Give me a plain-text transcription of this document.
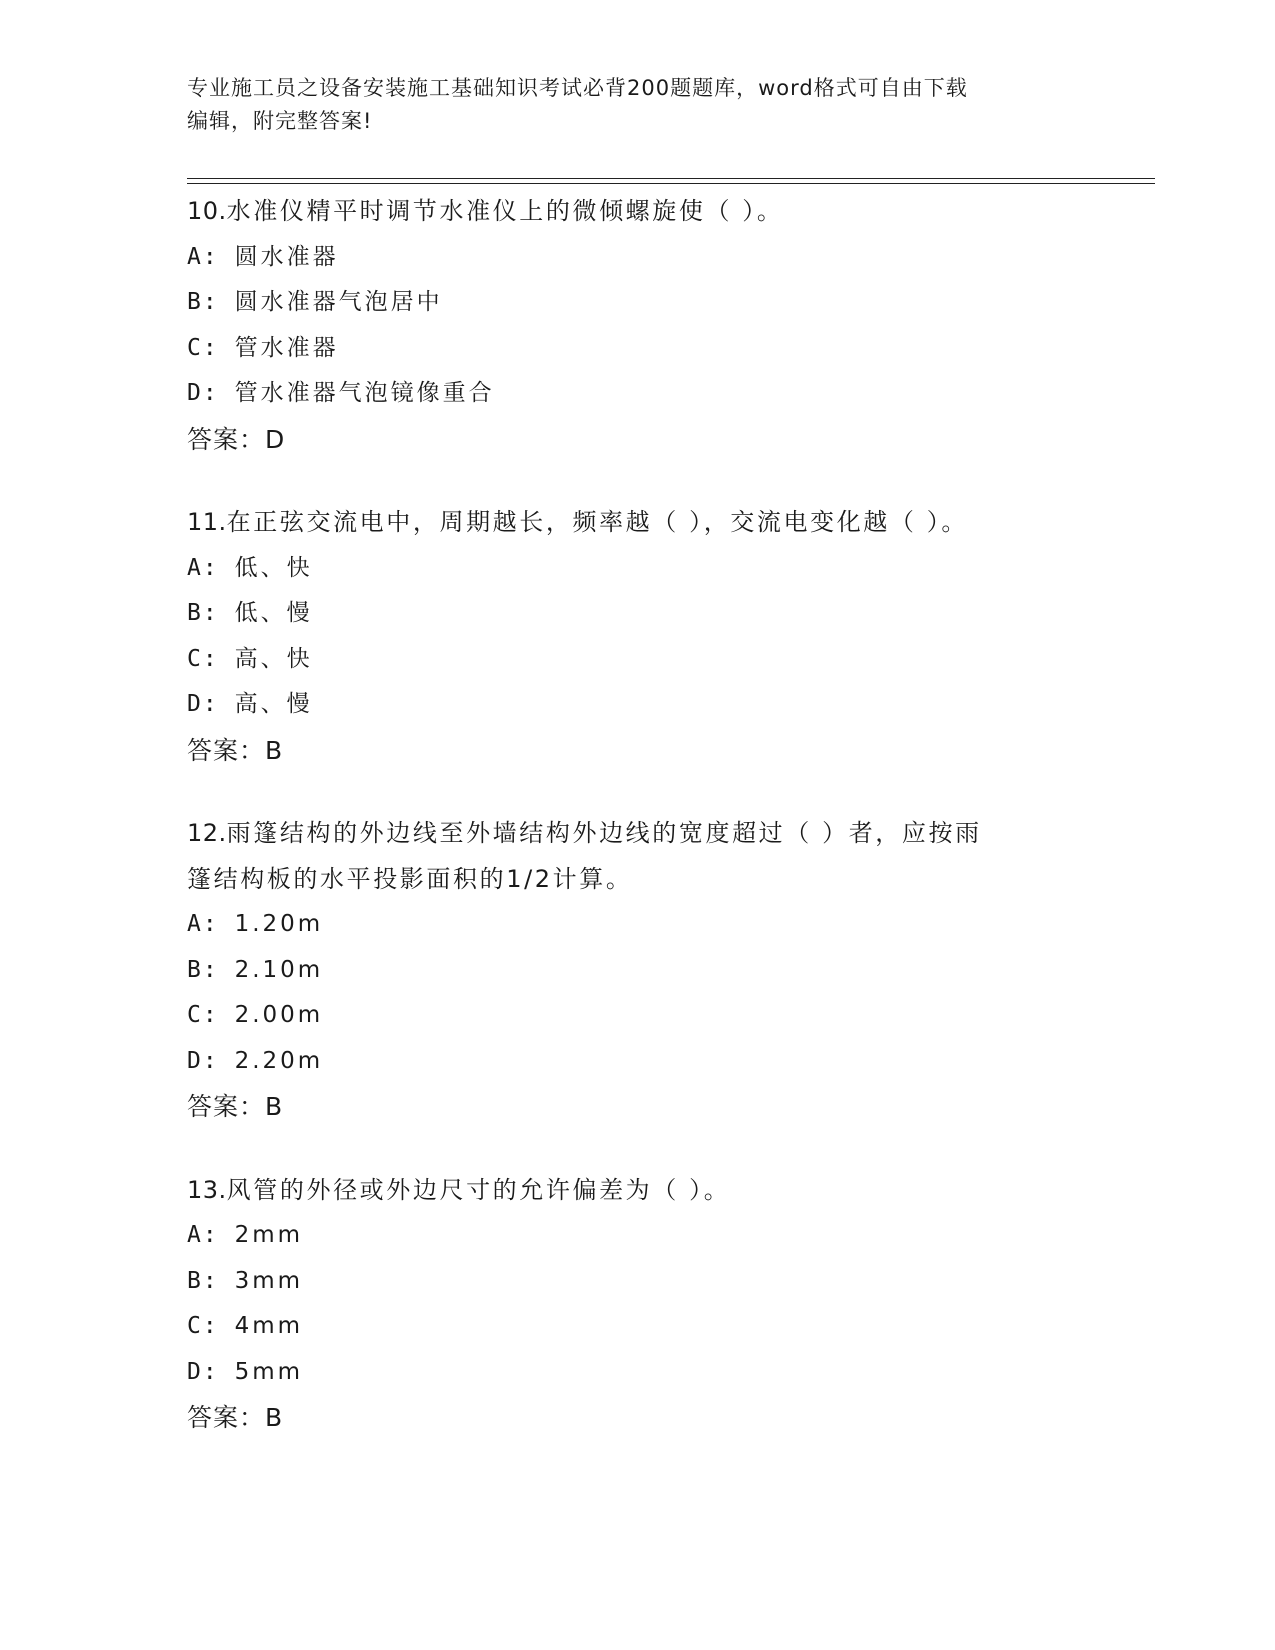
专业施工员之设备安装施工基础知识考试必背200题题库，word格式可自由下载
编辑，附完整答案!
10.水准仪精平时调节水准仪上的微倾螺旋使（ ）。
A: 圆水准器
B: 圆水准器气泡居中
C: 管水准器
D: 管水准器气泡镜像重合
答案：D
11.在正弦交流电中，周期越长，频率越（ ），交流电变化越（ ）。
A: 低、快
B: 低、慢
C: 高、快
D: 高、慢
答案：B
12.雨篷结构的外边线至外墙结构外边线的宽度超过（ ）者，应按雨
篷结构板的水平投影面积的1/2计算。
A: 1.20m
B: 2.10m
C: 2.00m
D: 2.20m
答案：B
13.风管的外径或外边尺寸的允许偏差为（ ）。
A: 2mm
B: 3mm
C: 4mm
D: 5mm
答案：B
